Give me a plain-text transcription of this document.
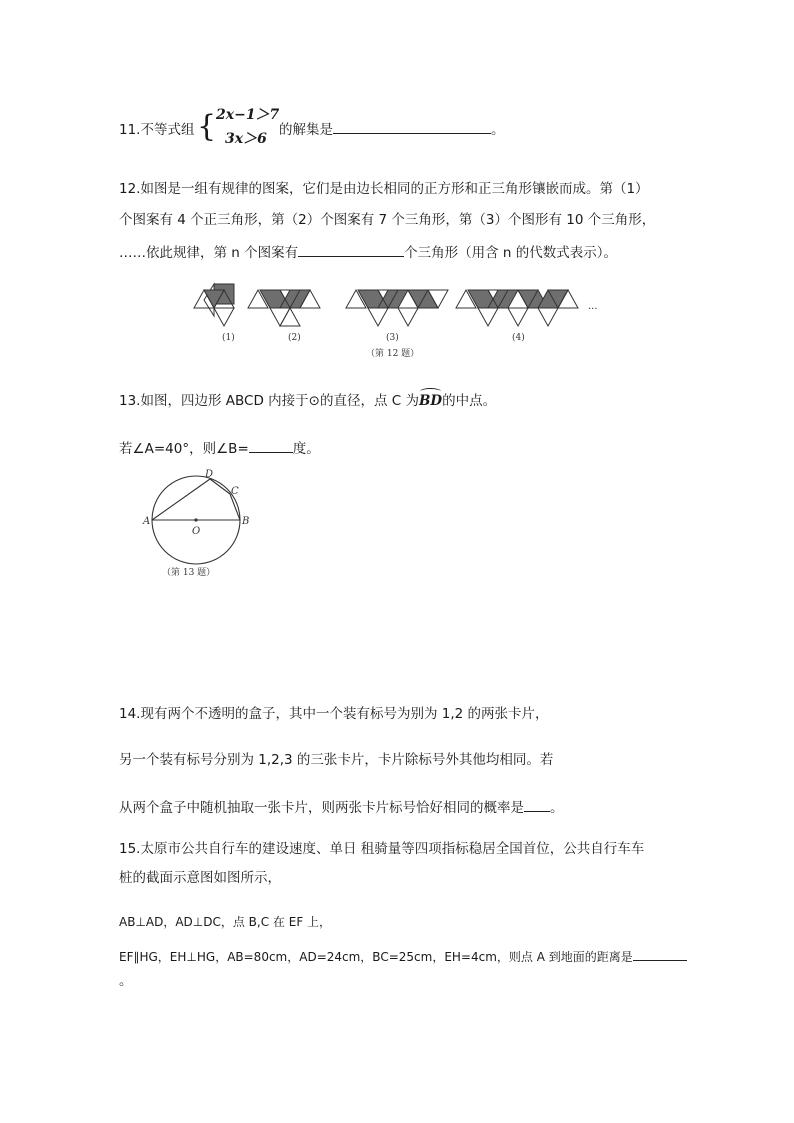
11.不等式组 { 2x−1＞7
3x＞6
的解集是	。
12.如图是一组有规律的图案，它们是由边长相同的正方形和正三角形镶嵌而成。第（1）
个图案有 4 个正三角形，第（2）个图案有 7 个三角形，第（3）个图形有 10 个三角形，
……依此规律，第 n 个图案有	个三角形（用含 n 的代数式表示）。
(1)	(2)	(3)	(4)
···
（第 12 题）
13.如图，四边形 ABCD 内接于⊙的直径，点 C 为BD的中点。
若∠A=40°，则∠B=	度。
A	B
C
D
O
（第 13 题）
14.现有两个不透明的盒子，其中一个装有标号为别为 1,2 的两张卡片，
另一个装有标号分别为 1,2,3 的三张卡片，卡片除标号外其他均相同。若
从两个盒子中随机抽取一张卡片，则两张卡片标号恰好相同的概率是 。
15.太原市公共自行车的建设速度、单日 租骑量等四项指标稳居全国首位，公共自行车车
桩的截面示意图如图所示，
AB⊥AD，AD⊥DC，点 B,C 在 EF 上，
EF∥HG，EH⊥HG，AB=80cm，AD=24cm，BC=25cm，EH=4cm，则点 A 到地面的距离是
。
